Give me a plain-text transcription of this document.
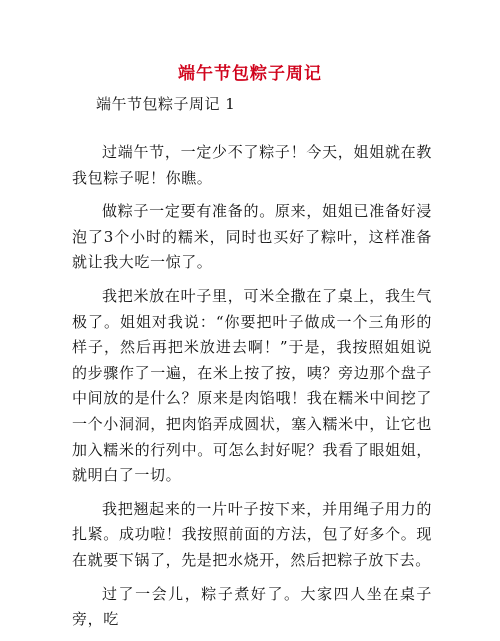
端午节包粽子周记
端午节包粽子周记 1

过端午节，一定少不了粽子！今天，姐姐就在教我包粽子呢！你瞧。

做粽子一定要有准备的。原来，姐姐已准备好浸泡了3个小时的糯米，同时也买好了粽叶，这样准备就让我大吃一惊了。

我把米放在叶子里，可米全撒在了桌上，我生气极了。姐姐对我说：“你要把叶子做成一个三角形的样子，然后再把米放进去啊！”于是，我按照姐姐说的步骤作了一遍，在米上按了按，咦？旁边那个盘子中间放的是什么？原来是肉馅哦！我在糯米中间挖了一个小洞洞，把肉馅弄成圆状，塞入糯米中，让它也加入糯米的行列中。可怎么封好呢？我看了眼姐姐，就明白了一切。

我把翘起来的一片叶子按下来，并用绳子用力的扎紧。成功啦！我按照前面的方法，包了好多个。现在就要下锅了，先是把水烧开，然后把粽子放下去。

过了一会儿，粽子煮好了。大家四人坐在桌子旁，吃
